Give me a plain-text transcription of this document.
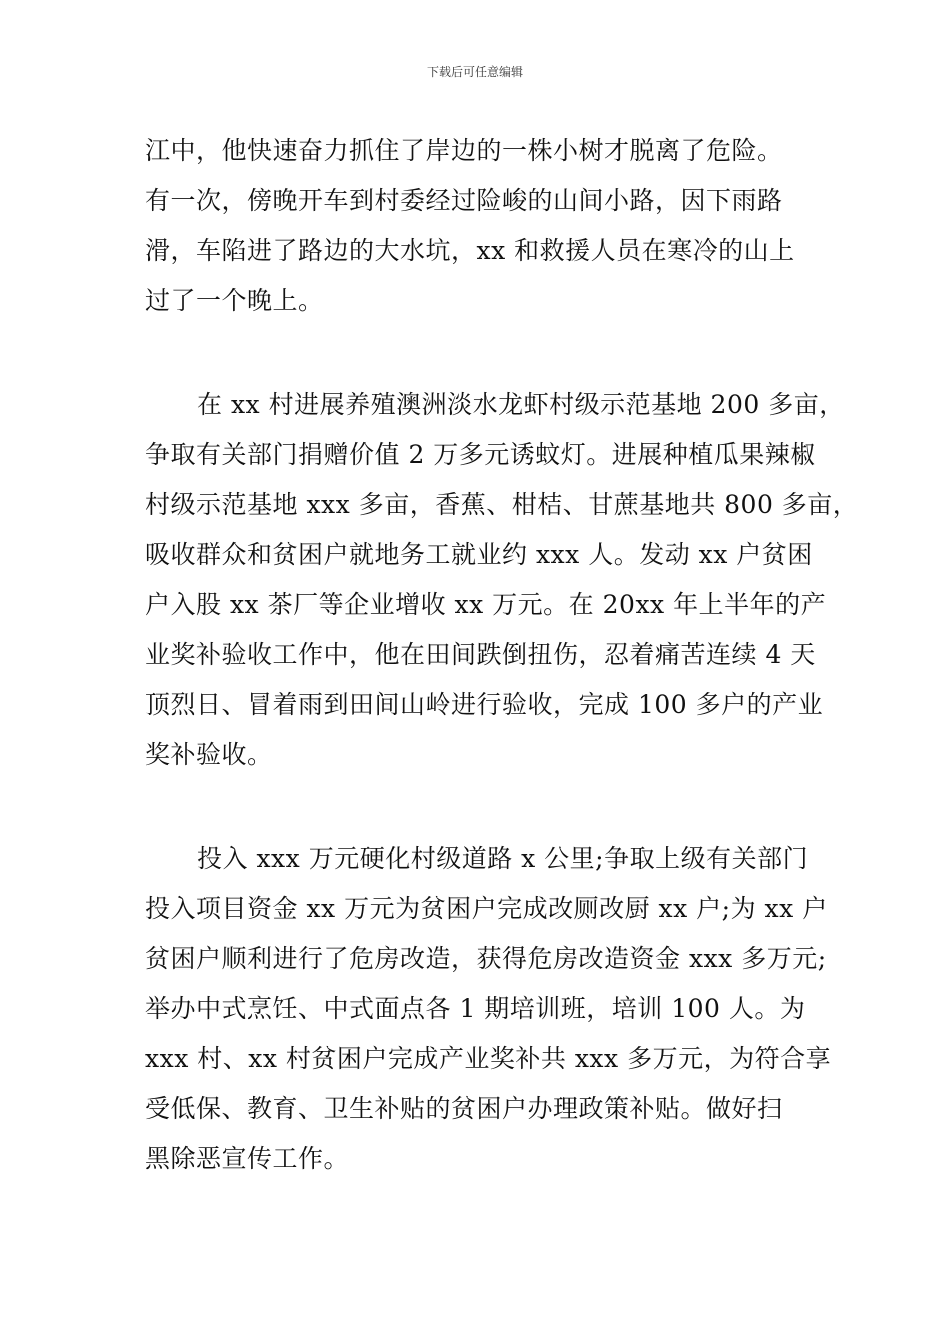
下载后可任意编辑
江中，他快速奋力抓住了岸边的一株小树才脱离了危险。
有一次，傍晚开车到村委经过险峻的山间小路，因下雨路
滑，车陷进了路边的大水坑，xx 和救援人员在寒冷的山上
过了一个晚上。
在 xx 村进展养殖澳洲淡水龙虾村级示范基地 200 多亩，
争取有关部门捐赠价值 2 万多元诱蚊灯。进展种植瓜果辣椒
村级示范基地 xxx 多亩，香蕉、柑桔、甘蔗基地共 800 多亩，
吸收群众和贫困户就地务工就业约 xxx 人。发动 xx 户贫困
户入股 xx 茶厂等企业增收 xx 万元。在 20xx 年上半年的产
业奖补验收工作中，他在田间跌倒扭伤，忍着痛苦连续 4 天
顶烈日、冒着雨到田间山岭进行验收，完成 100 多户的产业
奖补验收。
投入 xxx 万元硬化村级道路 x 公里;争取上级有关部门
投入项目资金 xx 万元为贫困户完成改厕改厨 xx 户;为 xx 户
贫困户顺利进行了危房改造，获得危房改造资金 xxx 多万元;
举办中式烹饪、中式面点各 1 期培训班，培训 100 人。为
xxx 村、xx 村贫困户完成产业奖补共 xxx 多万元，为符合享
受低保、教育、卫生补贴的贫困户办理政策补贴。做好扫
黑除恶宣传工作。
